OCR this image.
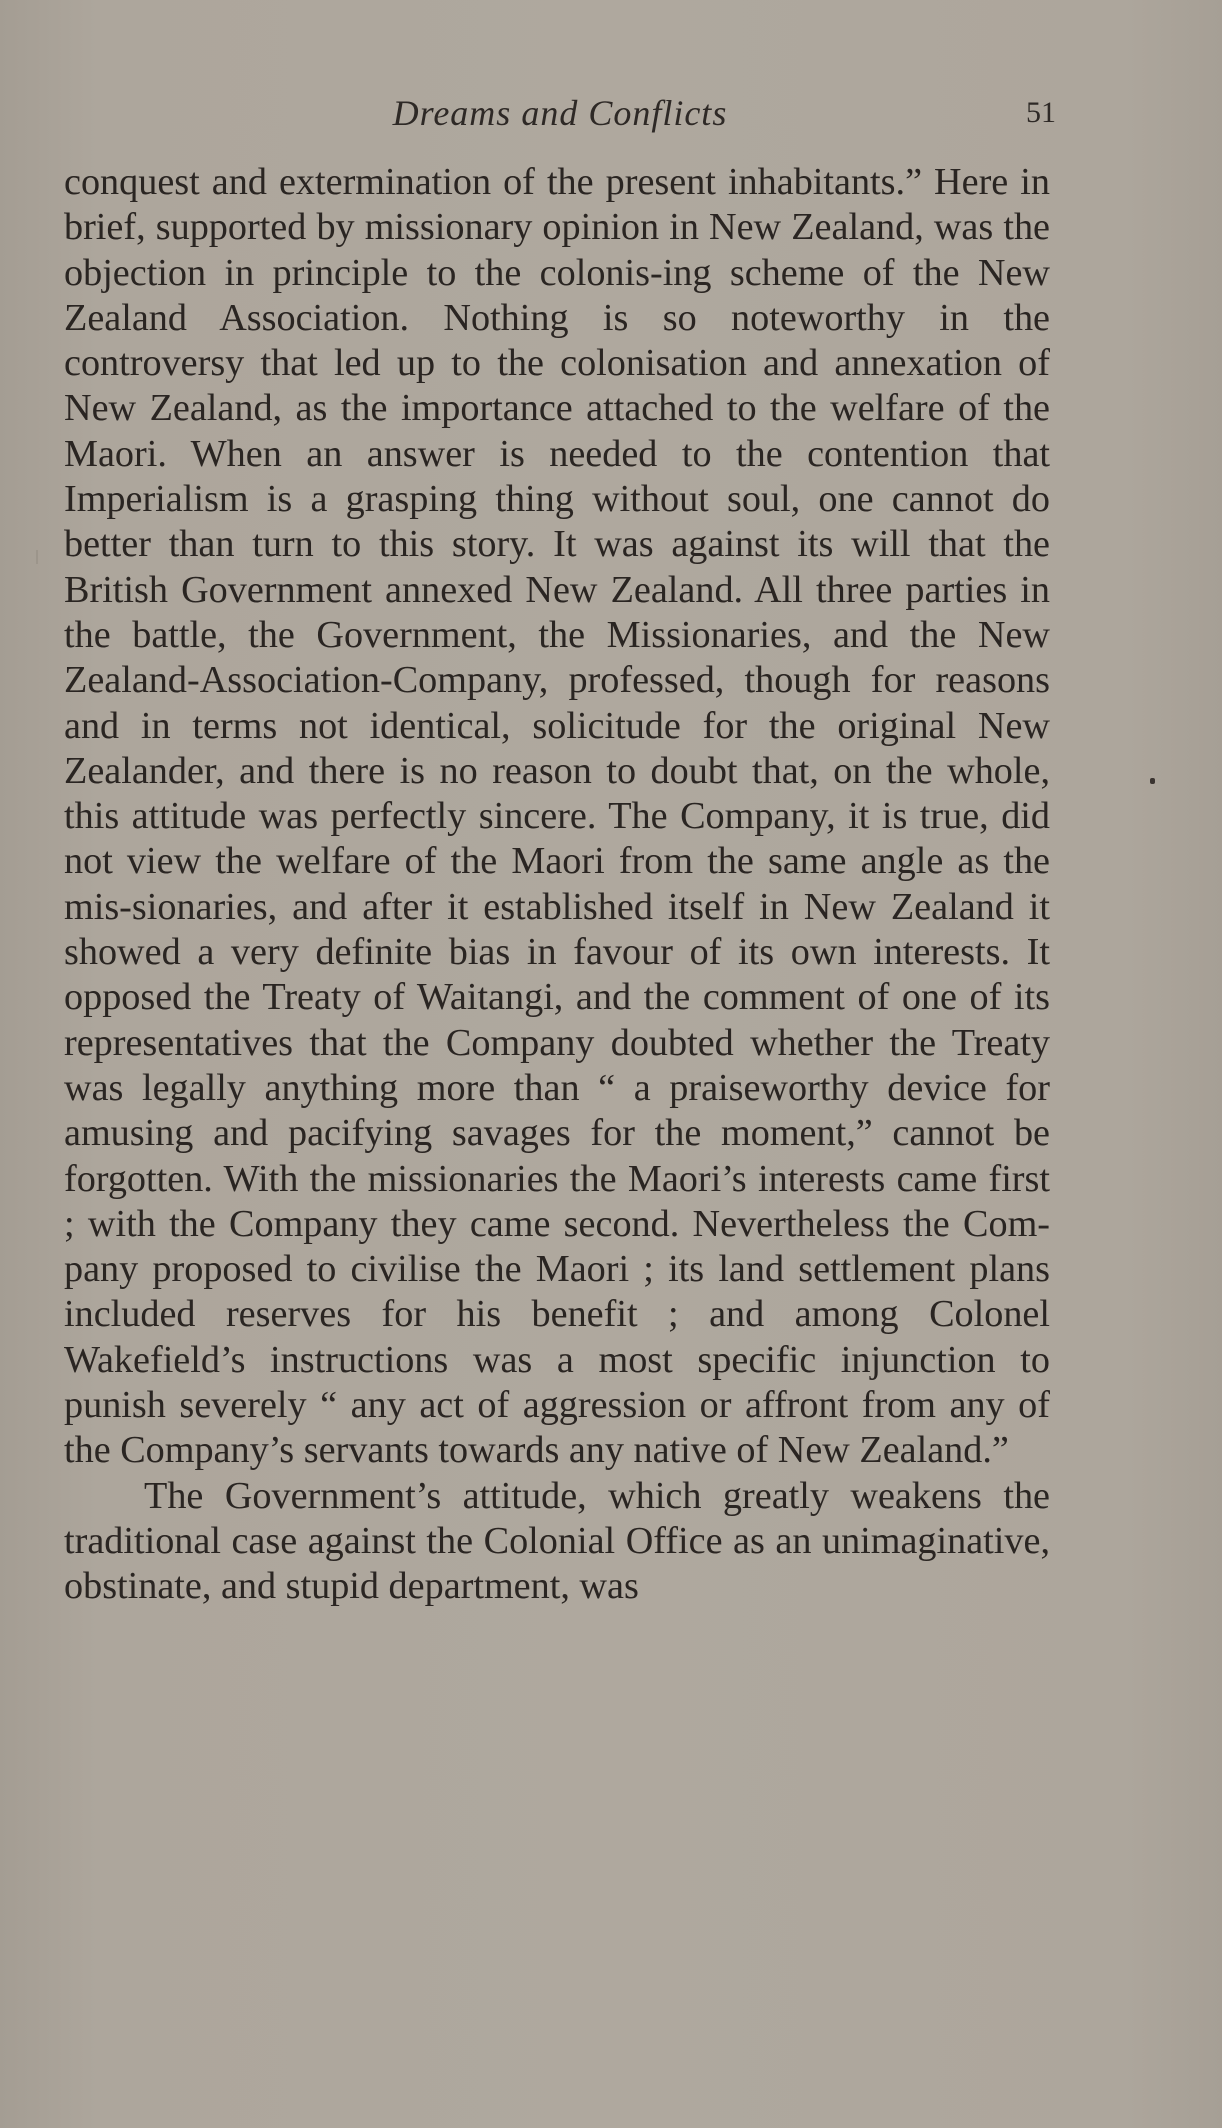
Dreams and Conflicts	51

conquest and extermination of the present inhabitants.” Here in brief, supported by missionary opinion in New Zealand, was the objection in principle to the colonis-ing scheme of the New Zealand Association. Nothing is so noteworthy in the controversy that led up to the colonisation and annexation of New Zealand, as the importance attached to the welfare of the Maori. When an answer is needed to the contention that Imperialism is a grasping thing without soul, one cannot do better than turn to this story. It was against its will that the British Government annexed New Zealand. All three parties in the battle, the Government, the Missionaries, and the New Zealand-Association-Company, professed, though for reasons and in terms not identical, solicitude for the original New Zealander, and there is no reason to doubt that, on the whole, this attitude was perfectly sincere. The Company, it is true, did not view the welfare of the Maori from the same angle as the mis-sionaries, and after it established itself in New Zealand it showed a very definite bias in favour of its own interests. It opposed the Treaty of Waitangi, and the comment of one of its representatives that the Company doubted whether the Treaty was legally anything more than “ a praiseworthy device for amusing and pacifying savages for the moment,” cannot be forgotten. With the missionaries the Maori’s interests came first ; with the Company they came second. Nevertheless the Com-pany proposed to civilise the Maori ; its land settlement plans included reserves for his benefit ; and among Colonel Wakefield’s instructions was a most specific injunction to punish severely “ any act of aggression or affront from any of the Company’s servants towards any native of New Zealand.”

The Government’s attitude, which greatly weakens the traditional case against the Colonial Office as an unimaginative, obstinate, and stupid department, was
